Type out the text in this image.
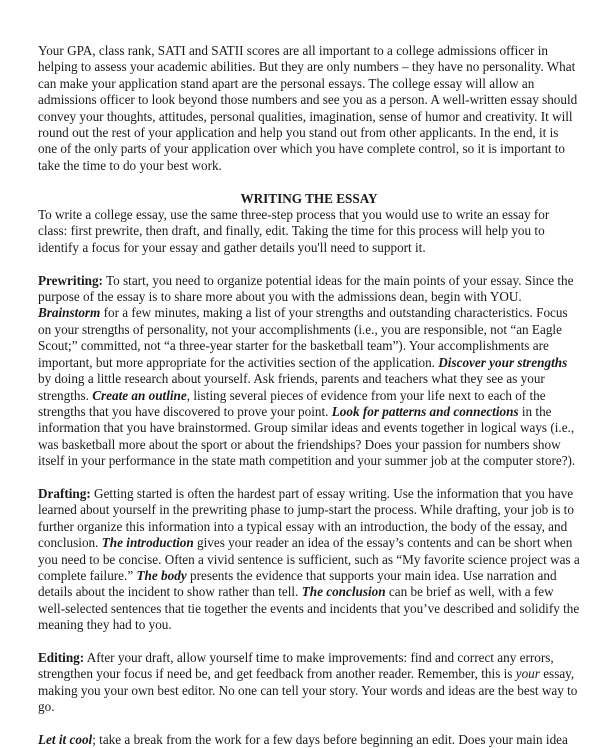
Your GPA, class rank, SATI and SATII scores are all important to a college admissions officer in helping to assess your academic abilities. But they are only numbers – they have no personality. What can make your application stand apart are the personal essays. The college essay will allow an admissions officer to look beyond those numbers and see you as a person. A well-written essay should convey your thoughts, attitudes, personal qualities, imagination, sense of humor and creativity. It will round out the rest of your application and help you stand out from other applicants. In the end, it is one of the only parts of your application over which you have complete control, so it is important to take the time to do your best work.

WRITING THE ESSAY

To write a college essay, use the same three-step process that you would use to write an essay for class: first prewrite, then draft, and finally, edit. Taking the time for this process will help you to identify a focus for your essay and gather details you'll need to support it.

Prewriting: To start, you need to organize potential ideas for the main points of your essay. Since the purpose of the essay is to share more about you with the admissions dean, begin with YOU. Brainstorm for a few minutes, making a list of your strengths and outstanding characteristics. Focus on your strengths of personality, not your accomplishments (i.e., you are responsible, not “an Eagle Scout;” committed, not “a three-year starter for the basketball team”). Your accomplishments are important, but more appropriate for the activities section of the application. Discover your strengths by doing a little research about yourself. Ask friends, parents and teachers what they see as your strengths. Create an outline, listing several pieces of evidence from your life next to each of the strengths that you have discovered to prove your point. Look for patterns and connections in the information that you have brainstormed. Group similar ideas and events together in logical ways (i.e., was basketball more about the sport or about the friendships? Does your passion for numbers show itself in your performance in the state math competition and your summer job at the computer store?).

Drafting: Getting started is often the hardest part of essay writing. Use the information that you have learned about yourself in the prewriting phase to jump-start the process. While drafting, your job is to further organize this information into a typical essay with an introduction, the body of the essay, and conclusion. The introduction gives your reader an idea of the essay’s contents and can be short when you need to be concise. Often a vivid sentence is sufficient, such as “My favorite science project was a complete failure.” The body presents the evidence that supports your main idea. Use narration and details about the incident to show rather than tell. The conclusion can be brief as well, with a few well-selected sentences that tie together the events and incidents that you’ve described and solidify the meaning they had to you.

Editing: After your draft, allow yourself time to make improvements: find and correct any errors, strengthen your focus if need be, and get feedback from another reader. Remember, this is your essay, making you your own best editor. No one can tell your story. Your words and ideas are the best way to go.

Let it cool; take a break from the work for a few days before beginning an edit. Does your main idea
